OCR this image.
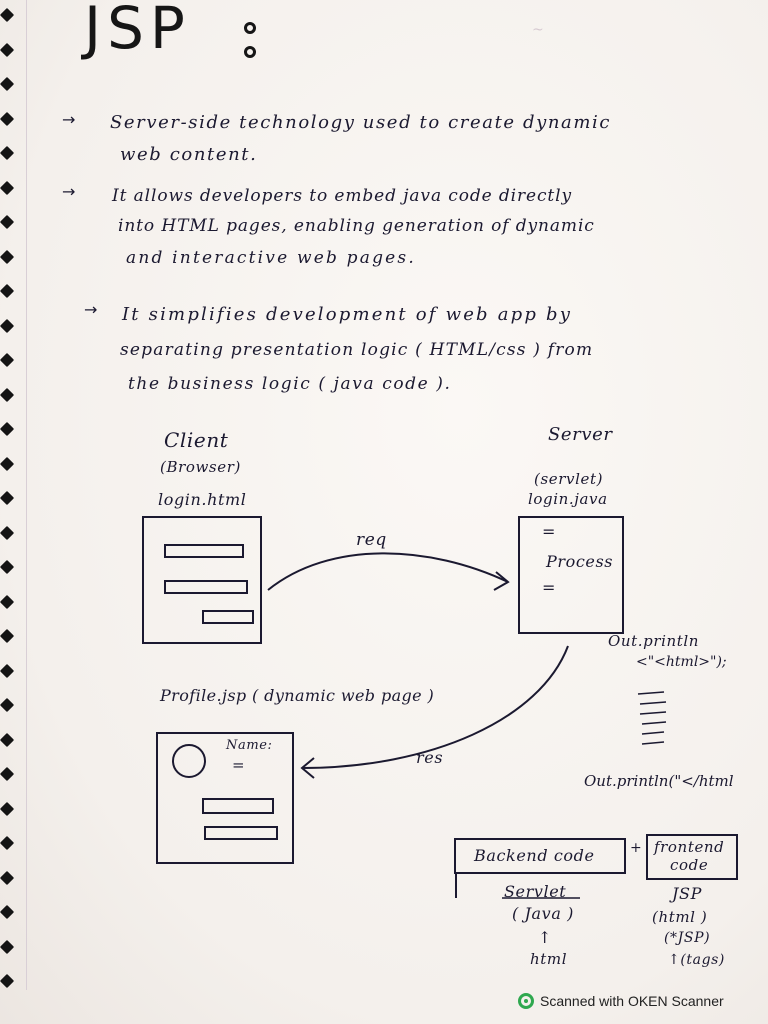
~
JSP
→ Server-side technology used to create dynamic
web content.
→ It allows developers to embed java code directly
into HTML pages, enabling generation of dynamic
and interactive web pages.
→ It simplifies development of web app by
separating presentation logic ( HTML/css ) from
the business logic ( java code ).
Client
(Browser)
login.html
Server
(servlet)
login.java
=
Process
=
req
Out.println
<"<html>");
Out.println("</html
Profile.jsp ( dynamic web page )
Name:
=	res
Backend code	+ frontend
code
Servlet
( Java )
↑
html
JSP
(html )
(*JSP)
↑(tags)
Scanned with OKEN Scanner
